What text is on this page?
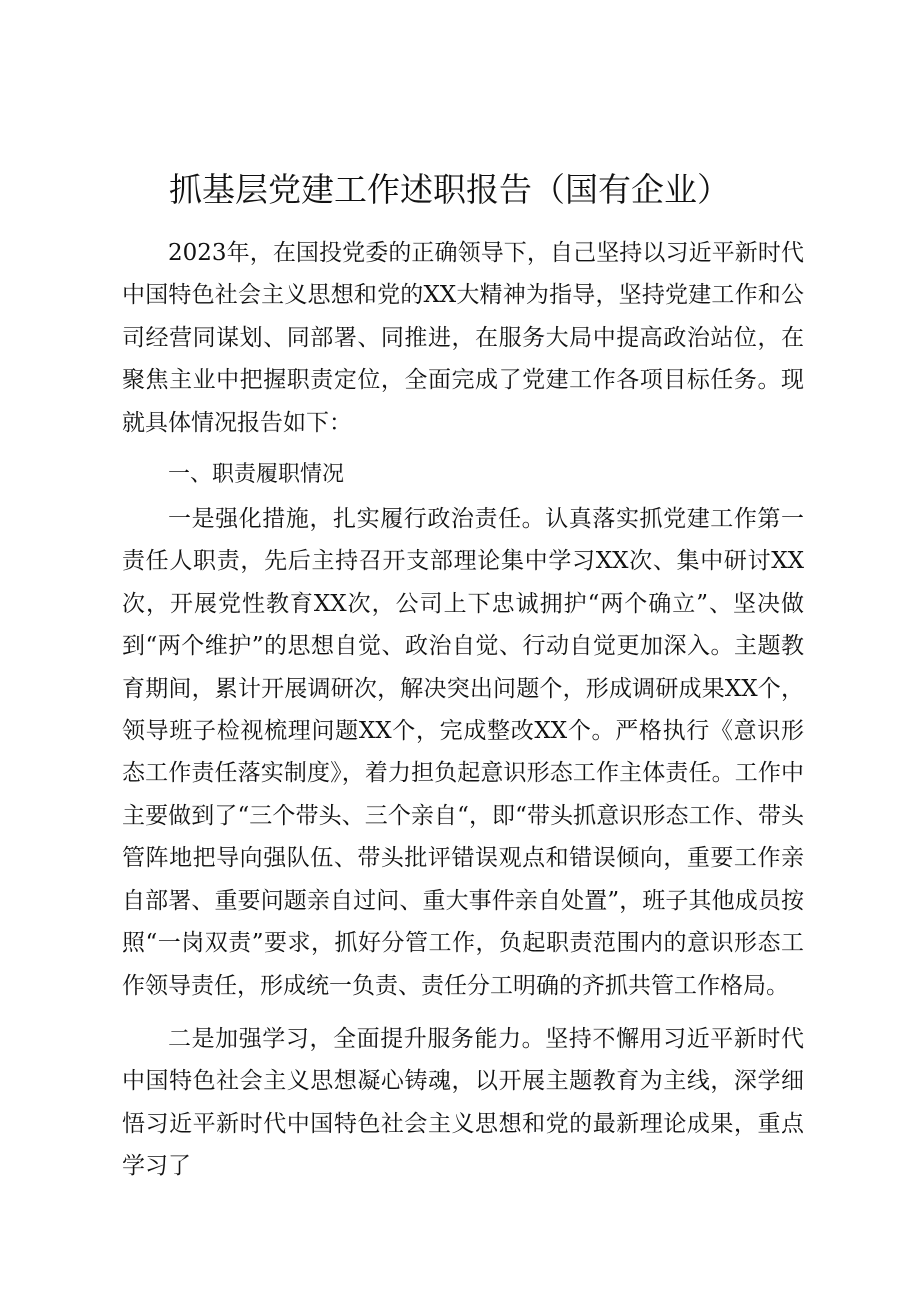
抓基层党建工作述职报告（国有企业）

2023年，在国投党委的正确领导下，自己坚持以习近平新时代中国特色社会主义思想和党的XX大精神为指导，坚持党建工作和公司经营同谋划、同部署、同推进，在服务大局中提高政治站位，在聚焦主业中把握职责定位，全面完成了党建工作各项目标任务。现就具体情况报告如下：

一、职责履职情况

一是强化措施，扎实履行政治责任。认真落实抓党建工作第一责任人职责，先后主持召开支部理论集中学习XX次、集中研讨XX次，开展党性教育XX次，公司上下忠诚拥护“两个确立”、坚决做到“两个维护”的思想自觉、政治自觉、行动自觉更加深入。主题教育期间，累计开展调研次，解决突出问题个，形成调研成果XX个，领导班子检视梳理问题XX个，完成整改XX个。严格执行《意识形态工作责任落实制度》，着力担负起意识形态工作主体责任。工作中主要做到了“三个带头、三个亲自“，即“带头抓意识形态工作、带头管阵地把导向强队伍、带头批评错误观点和错误倾向，重要工作亲自部署、重要问题亲自过问、重大事件亲自处置”，班子其他成员按照“一岗双责”要求，抓好分管工作，负起职责范围内的意识形态工作领导责任，形成统一负责、责任分工明确的齐抓共管工作格局。

二是加强学习，全面提升服务能力。坚持不懈用习近平新时代中国特色社会主义思想凝心铸魂，以开展主题教育为主线，深学细悟习近平新时代中国特色社会主义思想和党的最新理论成果，重点学习了
